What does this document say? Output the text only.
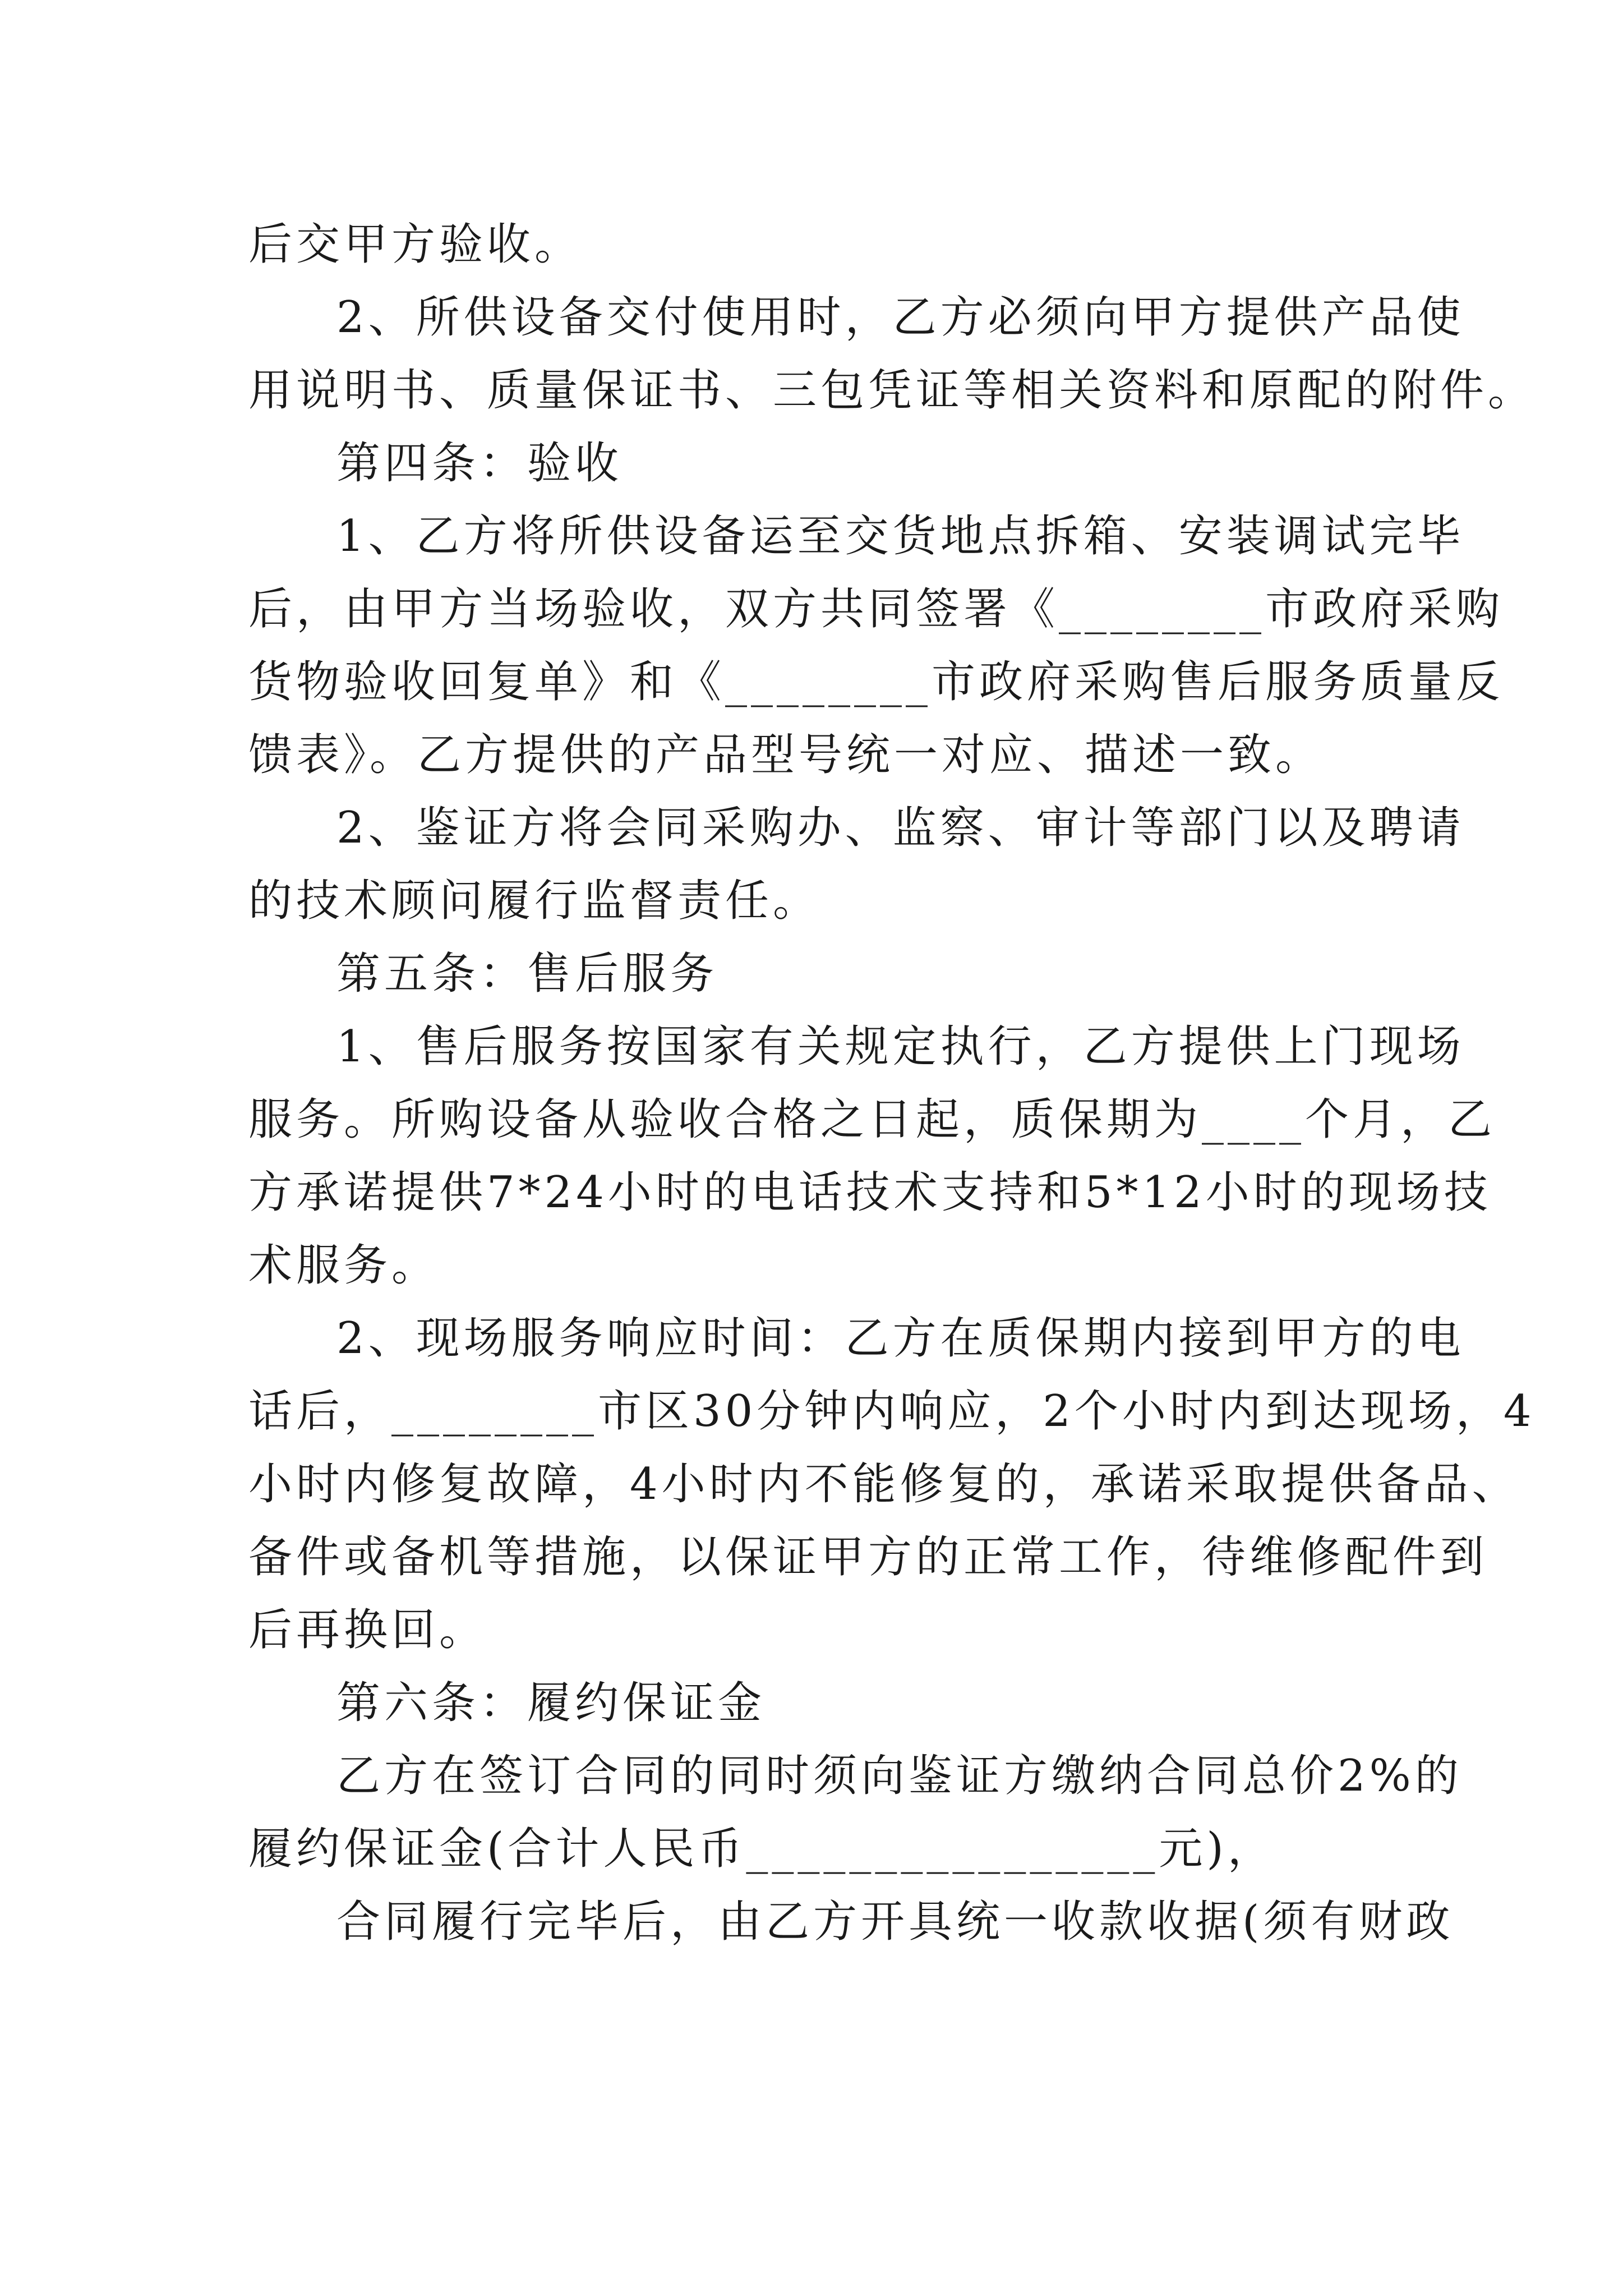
后交甲方验收。

2、所供设备交付使用时，乙方必须向甲方提供产品使

用说明书、质量保证书、三包凭证等相关资料和原配的附件。

第四条：验收

1、乙方将所供设备运至交货地点拆箱、安装调试完毕

后，由甲方当场验收，双方共同签署《________市政府采购

货物验收回复单》和《________市政府采购售后服务质量反

馈表》。乙方提供的产品型号统一对应、描述一致。

2、鉴证方将会同采购办、监察、审计等部门以及聘请

的技术顾问履行监督责任。

第五条：售后服务

1、售后服务按国家有关规定执行，乙方提供上门现场

服务。所购设备从验收合格之日起，质保期为____个月，乙

方承诺提供7*24小时的电话技术支持和5*12小时的现场技

术服务。

2、现场服务响应时间：乙方在质保期内接到甲方的电

话后，________市区30分钟内响应，2个小时内到达现场，4

小时内修复故障，4小时内不能修复的，承诺采取提供备品、

备件或备机等措施，以保证甲方的正常工作，待维修配件到

后再换回。

第六条：履约保证金

乙方在签订合同的同时须向鉴证方缴纳合同总价2%的

履约保证金(合计人民币________________元)，

合同履行完毕后，由乙方开具统一收款收据(须有财政
